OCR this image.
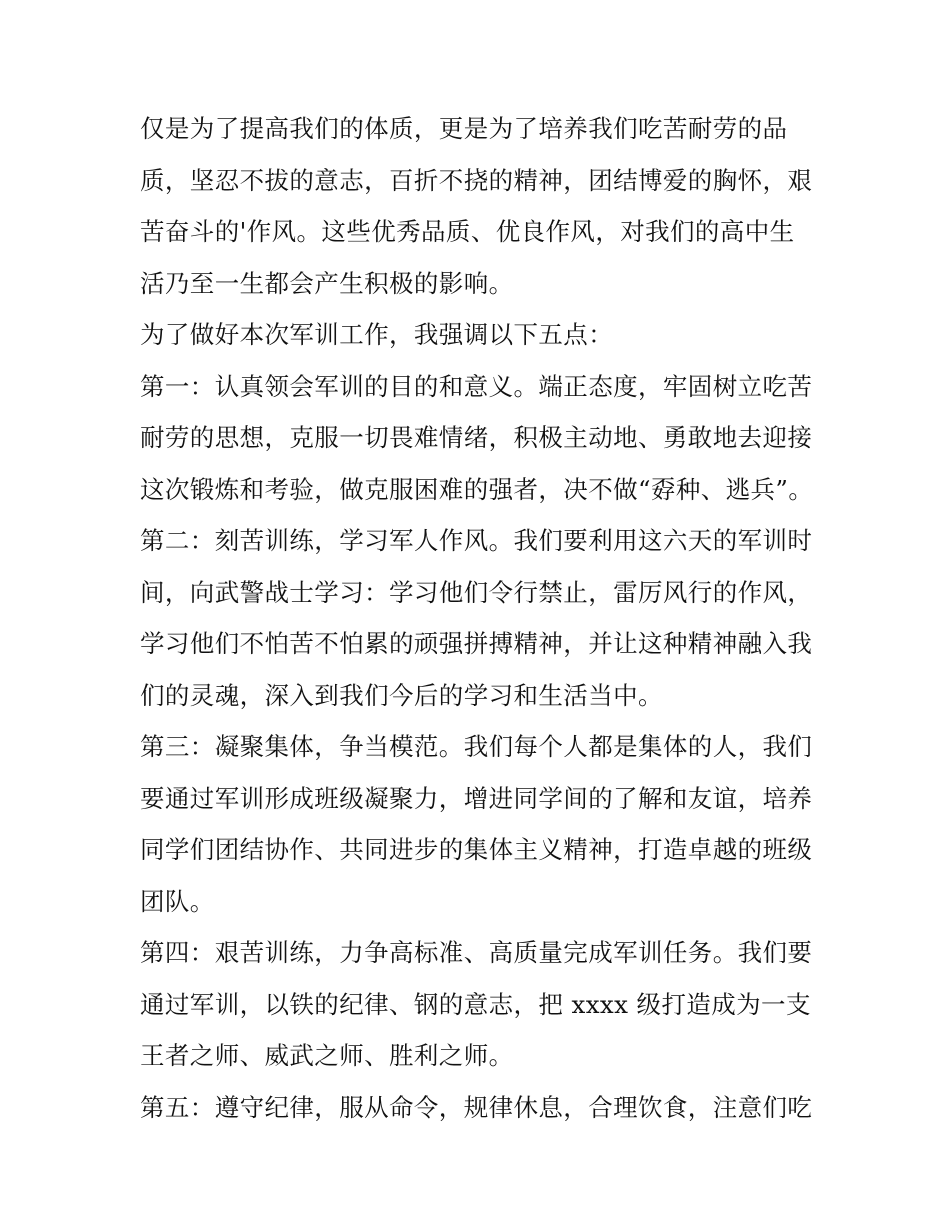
仅是为了提高我们的体质，更是为了培养我们吃苦耐劳的品
质，坚忍不拔的意志，百折不挠的精神，团结博爱的胸怀，艰
苦奋斗的'作风。这些优秀品质、优良作风，对我们的高中生
活乃至一生都会产生积极的影响。
为了做好本次军训工作，我强调以下五点：
第一：认真领会军训的目的和意义。端正态度，牢固树立吃苦
耐劳的思想，克服一切畏难情绪，积极主动地、勇敢地去迎接
这次锻炼和考验，做克服困难的强者，决不做“孬种、逃兵”。
第二：刻苦训练，学习军人作风。我们要利用这六天的军训时
间，向武警战士学习：学习他们令行禁止，雷厉风行的作风，
学习他们不怕苦不怕累的顽强拼搏精神，并让这种精神融入我
们的灵魂，深入到我们今后的学习和生活当中。
第三：凝聚集体，争当模范。我们每个人都是集体的人，我们
要通过军训形成班级凝聚力，增进同学间的了解和友谊，培养
同学们团结协作、共同进步的集体主义精神，打造卓越的班级
团队。
第四：艰苦训练，力争高标准、高质量完成军训任务。我们要
通过军训，以铁的纪律、钢的意志，把 xxxx 级打造成为一支
王者之师、威武之师、胜利之师。
第五：遵守纪律，服从命令，规律休息，合理饮食，注意们吃
